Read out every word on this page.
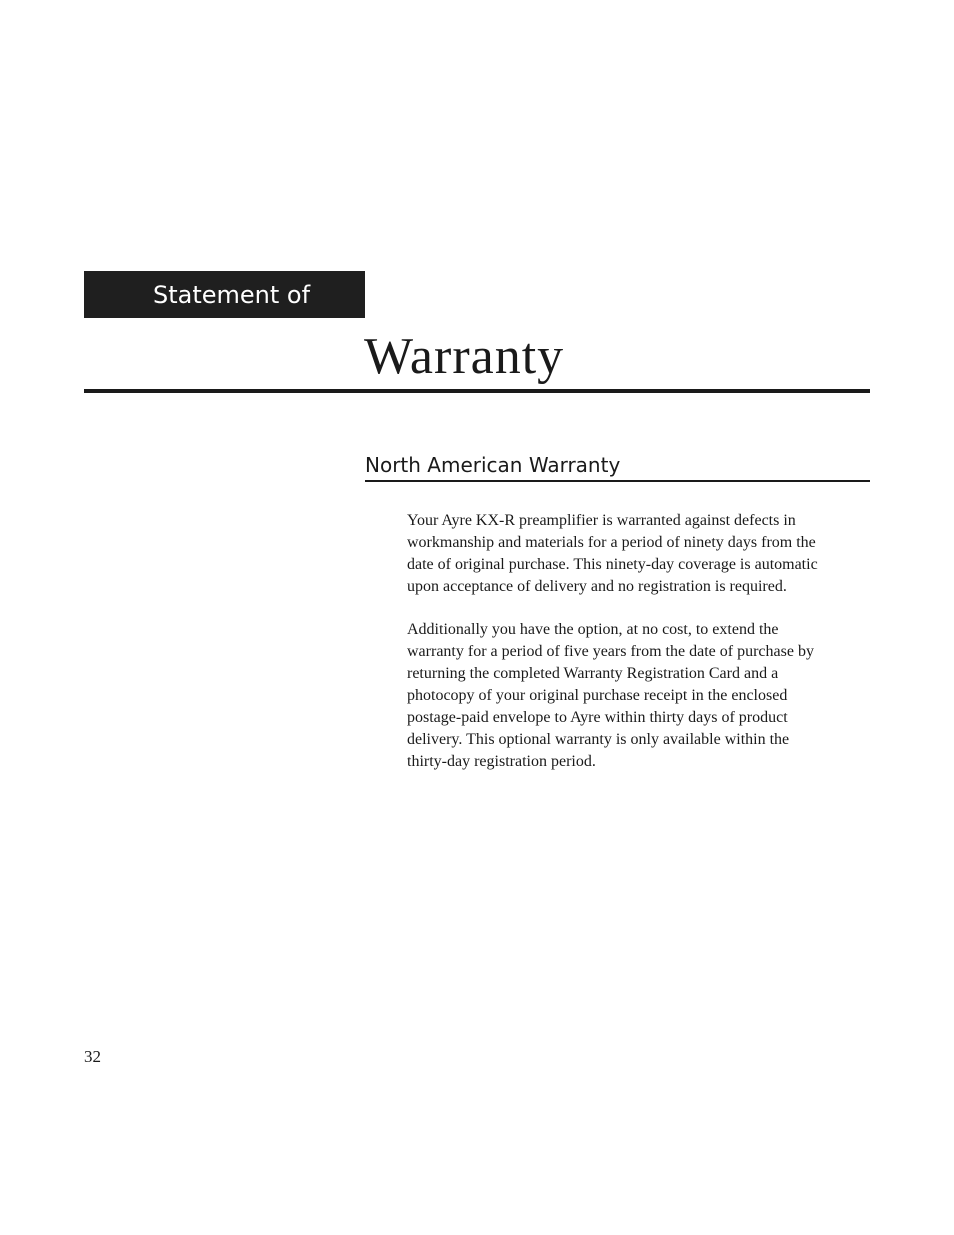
Statement of
Warranty
North American Warranty

Your Ayre KX-R preamplifier is warranted against defects in
workmanship and materials for a period of ninety days from the
date of original purchase. This ninety-day coverage is automatic
upon acceptance of delivery and no registration is required.

Additionally you have the option, at no cost, to extend the
warranty for a period of five years from the date of purchase by
returning the completed Warranty Registration Card and a
photocopy of your original purchase receipt in the enclosed
postage-paid envelope to Ayre within thirty days of product
delivery. This optional warranty is only available within the
thirty-day registration period.

32
